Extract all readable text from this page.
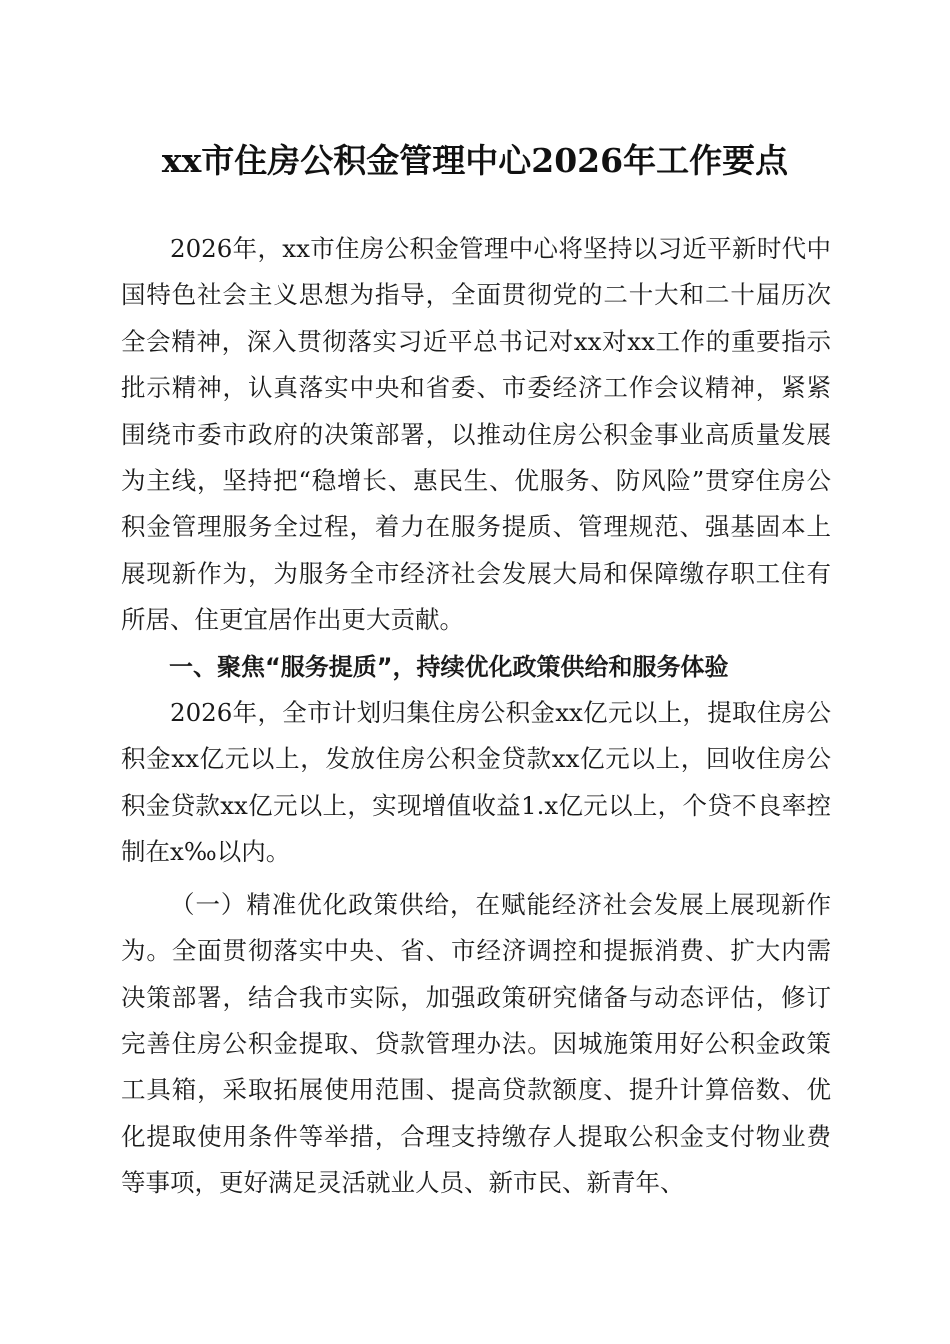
xx市住房公积金管理中心2026年工作要点

2026年，xx市住房公积金管理中心将坚持以习近平新时代中国特色社会主义思想为指导，全面贯彻党的二十大和二十届历次全会精神，深入贯彻落实习近平总书记对xx对xx工作的重要指示批示精神，认真落实中央和省委、市委经济工作会议精神，紧紧围绕市委市政府的决策部署，以推动住房公积金事业高质量发展为主线，坚持把“稳增长、惠民生、优服务、防风险”贯穿住房公积金管理服务全过程，着力在服务提质、管理规范、强基固本上展现新作为，为服务全市经济社会发展大局和保障缴存职工住有所居、住更宜居作出更大贡献。

一、聚焦“服务提质”，持续优化政策供给和服务体验

2026年，全市计划归集住房公积金xx亿元以上，提取住房公积金xx亿元以上，发放住房公积金贷款xx亿元以上，回收住房公积金贷款xx亿元以上，实现增值收益1.x亿元以上，个贷不良率控制在x‰以内。

（一）精准优化政策供给，在赋能经济社会发展上展现新作为。全面贯彻落实中央、省、市经济调控和提振消费、扩大内需决策部署，结合我市实际，加强政策研究储备与动态评估，修订完善住房公积金提取、贷款管理办法。因城施策用好公积金政策工具箱，采取拓展使用范围、提高贷款额度、提升计算倍数、优化提取使用条件等举措，合理支持缴存人提取公积金支付物业费等事项，更好满足灵活就业人员、新市民、新青年、
